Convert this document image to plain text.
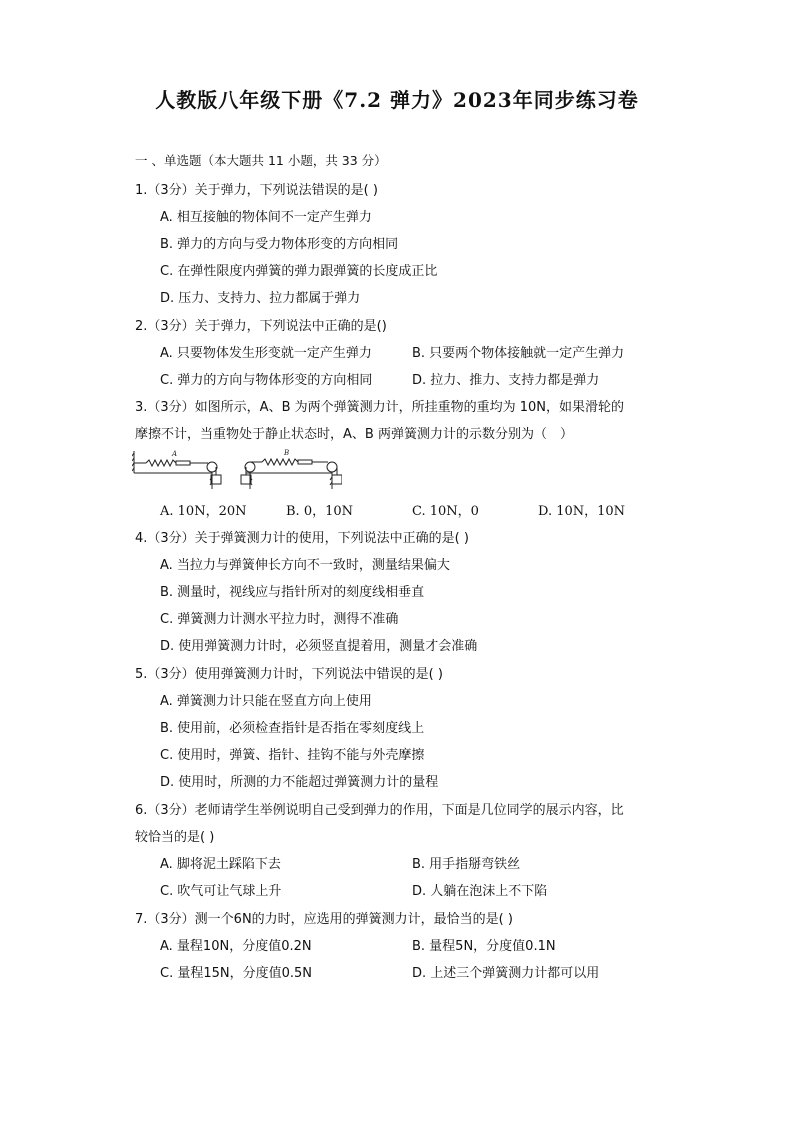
人教版八年级下册《7.2 弹力》2023年同步练习卷
一 、单选题（本大题共 11 小题，共 33 分）
1.（3分）关于弹力，下列说法错误的是( )
A. 相互接触的物体间不一定产生弹力
B. 弹力的方向与受力物体形变的方向相同
C. 在弹性限度内弹簧的弹力跟弹簧的长度成正比
D. 压力、支持力、拉力都属于弹力
2.（3分）关于弹力，下列说法中正确的是()
A. 只要物体发生形变就一定产生弹力	B. 只要两个物体接触就一定产生弹力
C. 弹力的方向与物体形变的方向相同	D. 拉力、推力、支持力都是弹力
3.（3分）如图所示，A、B 为两个弹簧测力计，所挂重物的重均为 10N，如果滑轮的
摩擦不计，当重物处于静止状态时，A、B 两弹簧测力计的示数分别为（　）
A	B
A. 10N，20N	B. 0，10N	C. 10N，0	D. 10N，10N
4.（3分）关于弹簧测力计的使用，下列说法中正确的是( )
A. 当拉力与弹簧伸长方向不一致时，测量结果偏大
B. 测量时，视线应与指针所对的刻度线相垂直
C. 弹簧测力计测水平拉力时，测得不准确
D. 使用弹簧测力计时，必须竖直提着用，测量才会准确
5.（3分）使用弹簧测力计时，下列说法中错误的是( )
A. 弹簧测力计只能在竖直方向上使用
B. 使用前，必须检查指针是否指在零刻度线上
C. 使用时，弹簧、指针、挂钩不能与外壳摩擦
D. 使用时，所测的力不能超过弹簧测力计的量程
6.（3分）老师请学生举例说明自己受到弹力的作用，下面是几位同学的展示内容，比
较恰当的是( )
A. 脚将泥土踩陷下去	B. 用手指掰弯铁丝
C. 吹气可让气球上升	D. 人躺在泡沫上不下陷
7.（3分）测一个6N的力时，应选用的弹簧测力计，最恰当的是( )
A. 量程10N，分度值0.2N	B. 量程5N，分度值0.1N
C. 量程15N，分度值0.5N	D. 上述三个弹簧测力计都可以用
